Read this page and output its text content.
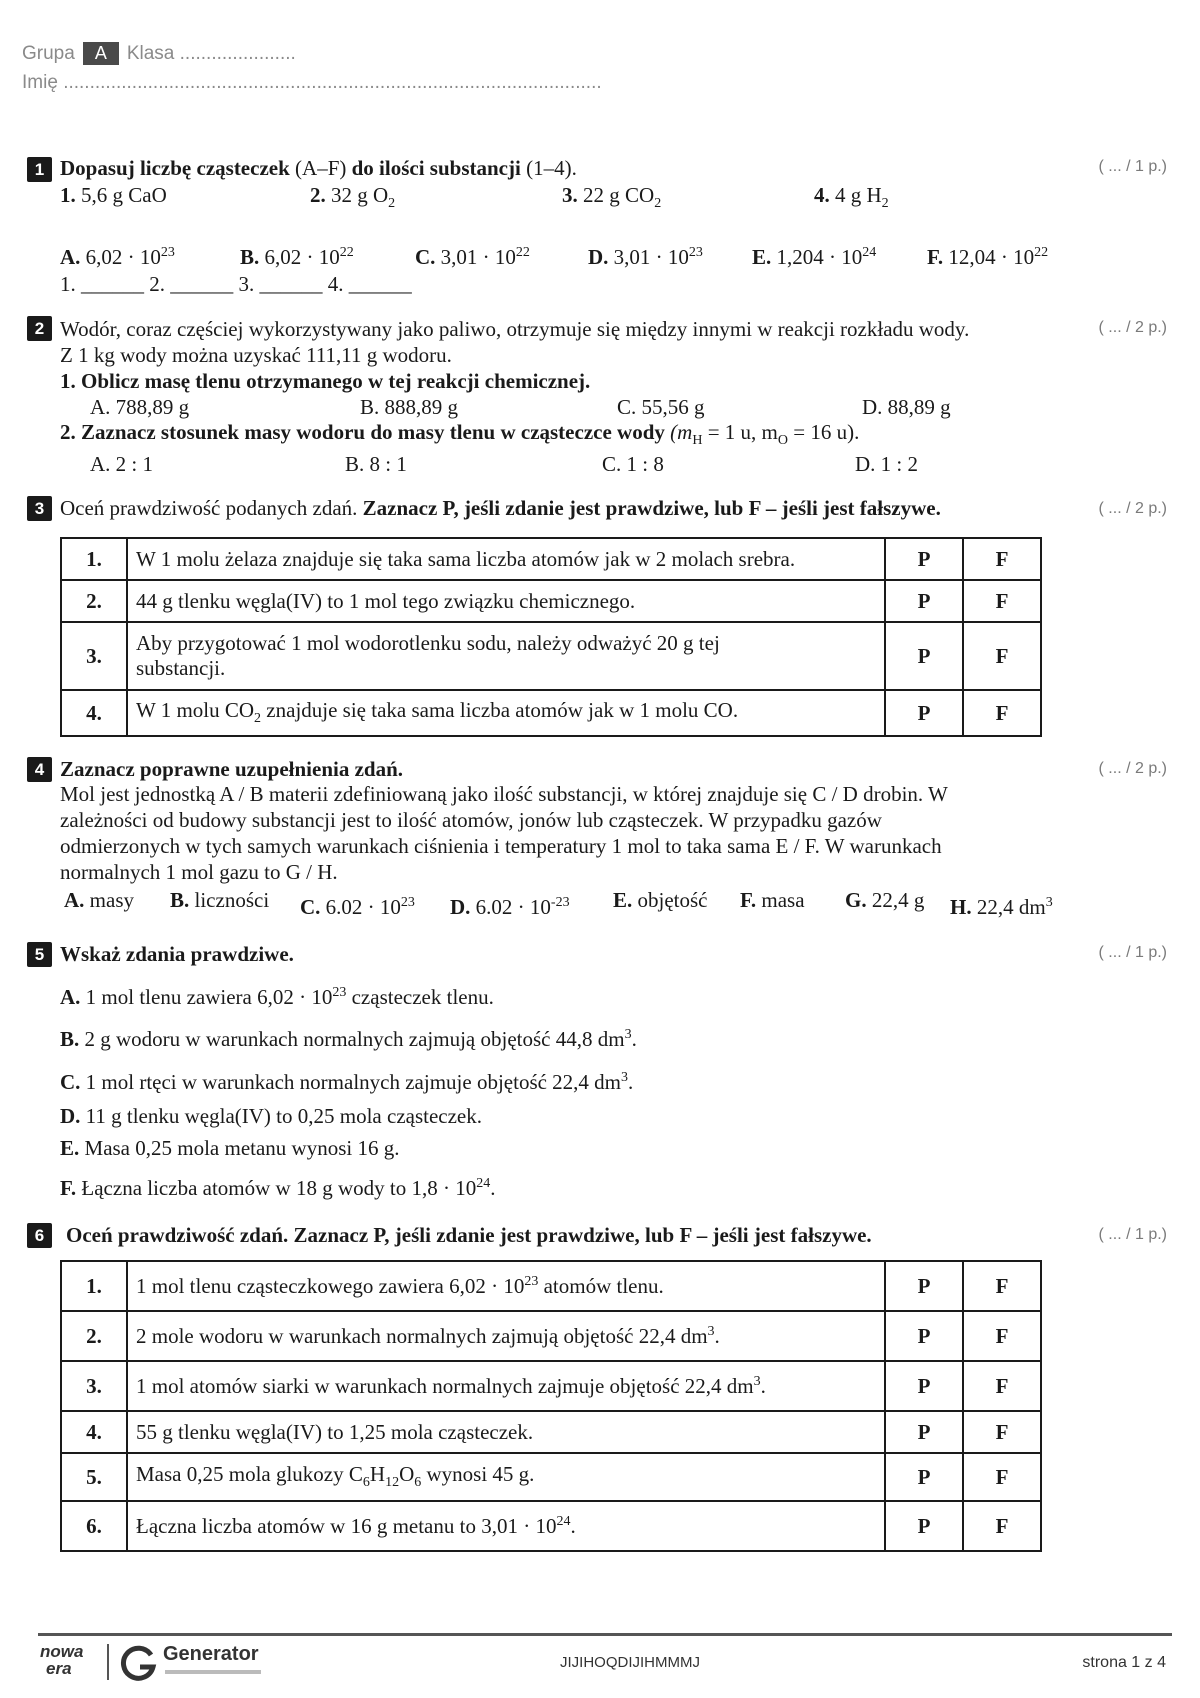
Grupa A Klasa ......................
Imię ......................................................................................................
1 Dopasuj liczbę cząsteczek (A–F) do ilości substancji (1–4).	( ... / 1 p.)
1. 5,6 g CaO	2. 32 g $O_2$	3. 22 g $CO_2$	4. 4 g $H_2$
A. $6,02 \cdot 10^{23}$	B. $6,02 \cdot 10^{22}$	C. $3,01 \cdot 10^{22}$	D. $3,01 \cdot 10^{23}$ E. $1,204 \cdot 10^{24}$ F. $12,04 \cdot 10^{22}$
1. ______ 2. ______ 3. ______ 4. ______
2 Wodór, coraz częściej wykorzystywany jako paliwo, otrzymuje się między innymi w reakcji rozkładu wody.	( ... / 2 p.)
Z 1 kg wody można uzyskać 111,11 g wodoru.
1. Oblicz masę tlenu otrzymanego w tej reakcji chemicznej.
A. 788,89 g	B. 888,89 g	C. 55,56 g	D. 88,89 g
2. Zaznacz stosunek masy wodoru do masy tlenu w cząsteczce wody ($m_H = 1$ u, $m_O = 16$ u).
A. 2 : 1	B. 8 : 1	C. 1 : 8	D. 1 : 2
3 Oceń prawdziwość podanych zdań. Zaznacz P, jeśli zdanie jest prawdziwe, lub F – jeśli jest fałszywe.	( ... / 2 p.)
1.	W 1 molu żelaza znajduje się taka sama liczba atomów jak w 2 molach srebra.	P	F
2.	44 g tlenku węgla(IV) to 1 mol tego związku chemicznego.	P	F
3.	Aby przygotować 1 mol wodorotlenku sodu, należy odważyć 20 g tej
substancji.	P	F
4.	W 1 molu $CO_2$ znajduje się taka sama liczba atomów jak w 1 molu CO.	P	F
4 Zaznacz poprawne uzupełnienia zdań.	( ... / 2 p.)
Mol jest jednostką A / B materii zdefiniowaną jako ilość substancji, w której znajduje się C / D drobin. W
zależności od budowy substancji jest to ilość atomów, jonów lub cząsteczek. W przypadku gazów
odmierzonych w tych samych warunkach ciśnienia i temperatury 1 mol to taka sama E / F. W warunkach
normalnych 1 mol gazu to G / H.
A. masy B. liczności C. $6.02 \cdot 10^{23}$ D. $6.02 \cdot 10^{-23}$ E. objętość F. masa G. 22,4 g H. 22,4 $dm^3$
5 Wskaż zdania prawdziwe.	( ... / 1 p.)
A. 1 mol tlenu zawiera $6,02 \cdot 10^{23}$ cząsteczek tlenu.
B. 2 g wodoru w warunkach normalnych zajmują objętość 44,8 $dm^3$.
C. 1 mol rtęci w warunkach normalnych zajmuje objętość 22,4 $dm^3$.
D. 11 g tlenku węgla(IV) to 0,25 mola cząsteczek.
E. Masa 0,25 mola metanu wynosi 16 g.
F. Łączna liczba atomów w 18 g wody to $1,8 \cdot 10^{24}$.
6	Oceń prawdziwość zdań. Zaznacz P, jeśli zdanie jest prawdziwe, lub F – jeśli jest fałszywe.	( ... / 1 p.)
1.	1 mol tlenu cząsteczkowego zawiera $6,02 \cdot 10^{23}$ atomów tlenu.	P	F
2.	2 mole wodoru w warunkach normalnych zajmują objętość 22,4 $dm^3$.	P	F
3.	1 mol atomów siarki w warunkach normalnych zajmuje objętość 22,4 $dm^3$.	P	F
4.	55 g tlenku węgla(IV) to 1,25 mola cząsteczek.	P	F
5.	Masa 0,25 mola glukozy $C_6H_{12}O_6$ wynosi 45 g.	P	F
6.	Łączna liczba atomów w 16 g metanu to $3,01 \cdot 10^{24}$.	P	F
nowa
era
Generator	JIJIHOQDIJIHMMMJ	strona 1 z 4
